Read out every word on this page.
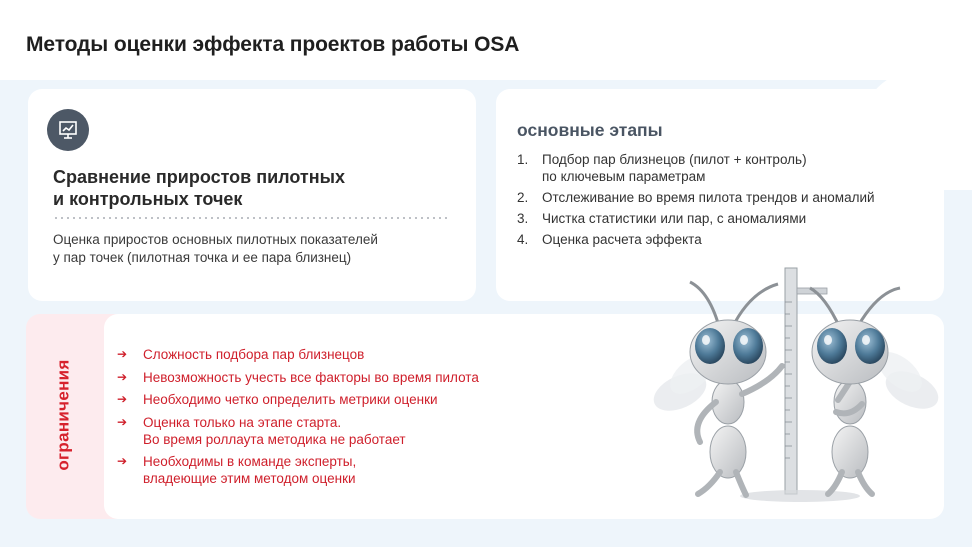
Методы оценки эффекта проектов работы OSA
Сравнение приростов пилотных
и контрольных точек
Оценка приростов основных пилотных показателей
у пар точек (пилотная точка и ее пара близнец)
основные этапы
1.	Подбор пар близнецов (пилот + контроль)
по ключевым параметрам
2.	Отслеживание во время пилота трендов и аномалий
3.	Чистка статистики или пар, с аномалиями
4.	Оценка расчета эффекта
ограничения
➔	Сложность подбора пар близнецов
➔	Невозможность учесть все факторы во время пилота
➔	Необходимо четко определить метрики оценки
➔	Оценка только на этапе старта.
Во время роллаута методика не работает
➔	Необходимы в команде эксперты,
владеющие этим методом оценки
